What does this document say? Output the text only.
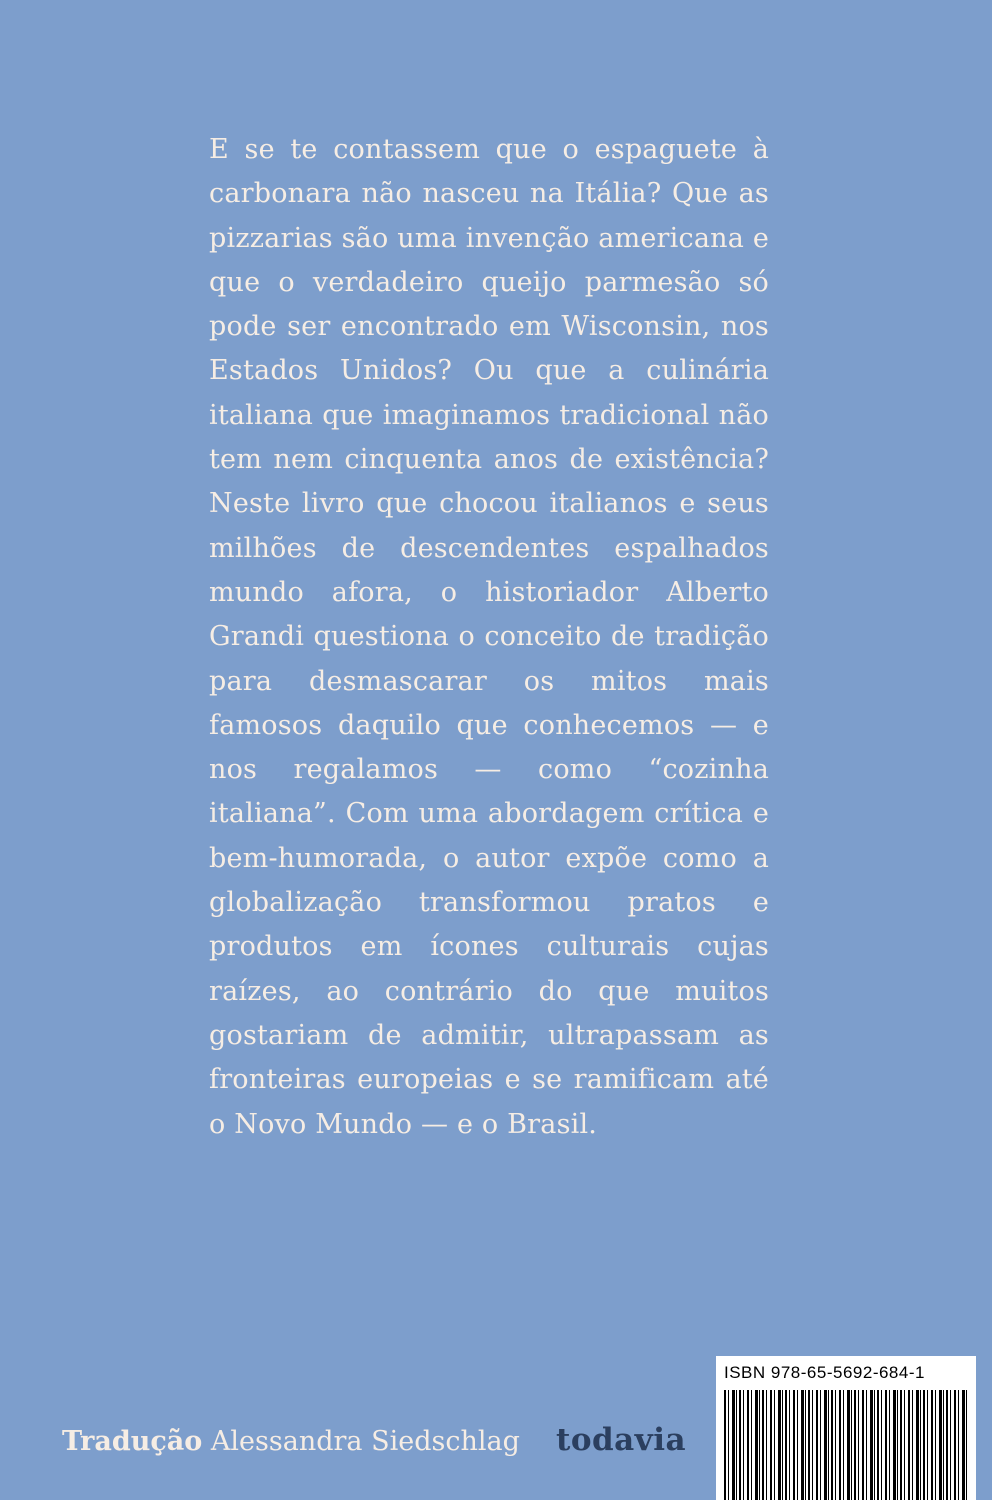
E se te contassem que o espaguete à carbonara não nasceu na Itália? Que as pizzarias são uma invenção americana e que o verdadeiro queijo parmesão só pode ser encontrado em Wisconsin, nos Estados Unidos? Ou que a culinária italiana que imaginamos tradicional não tem nem cinquenta anos de existência? Neste livro que chocou italianos e seus milhões de descendentes espalhados mundo afora, o historiador Alberto Grandi questiona o conceito de tradição para desmascarar os mitos mais famosos daquilo que conhecemos — e nos regalamos — como “cozinha italiana”. Com uma abordagem crítica e bem-humorada, o autor expõe como a globalização transformou pratos e produtos em ícones culturais cujas raízes, ao contrário do que muitos gostariam de admitir, ultrapassam as fronteiras europeias e se ramificam até o Novo Mundo — e o Brasil.

Tradução Alessandra Siedschlag todavia
ISBN 978-65-5692-684-1
